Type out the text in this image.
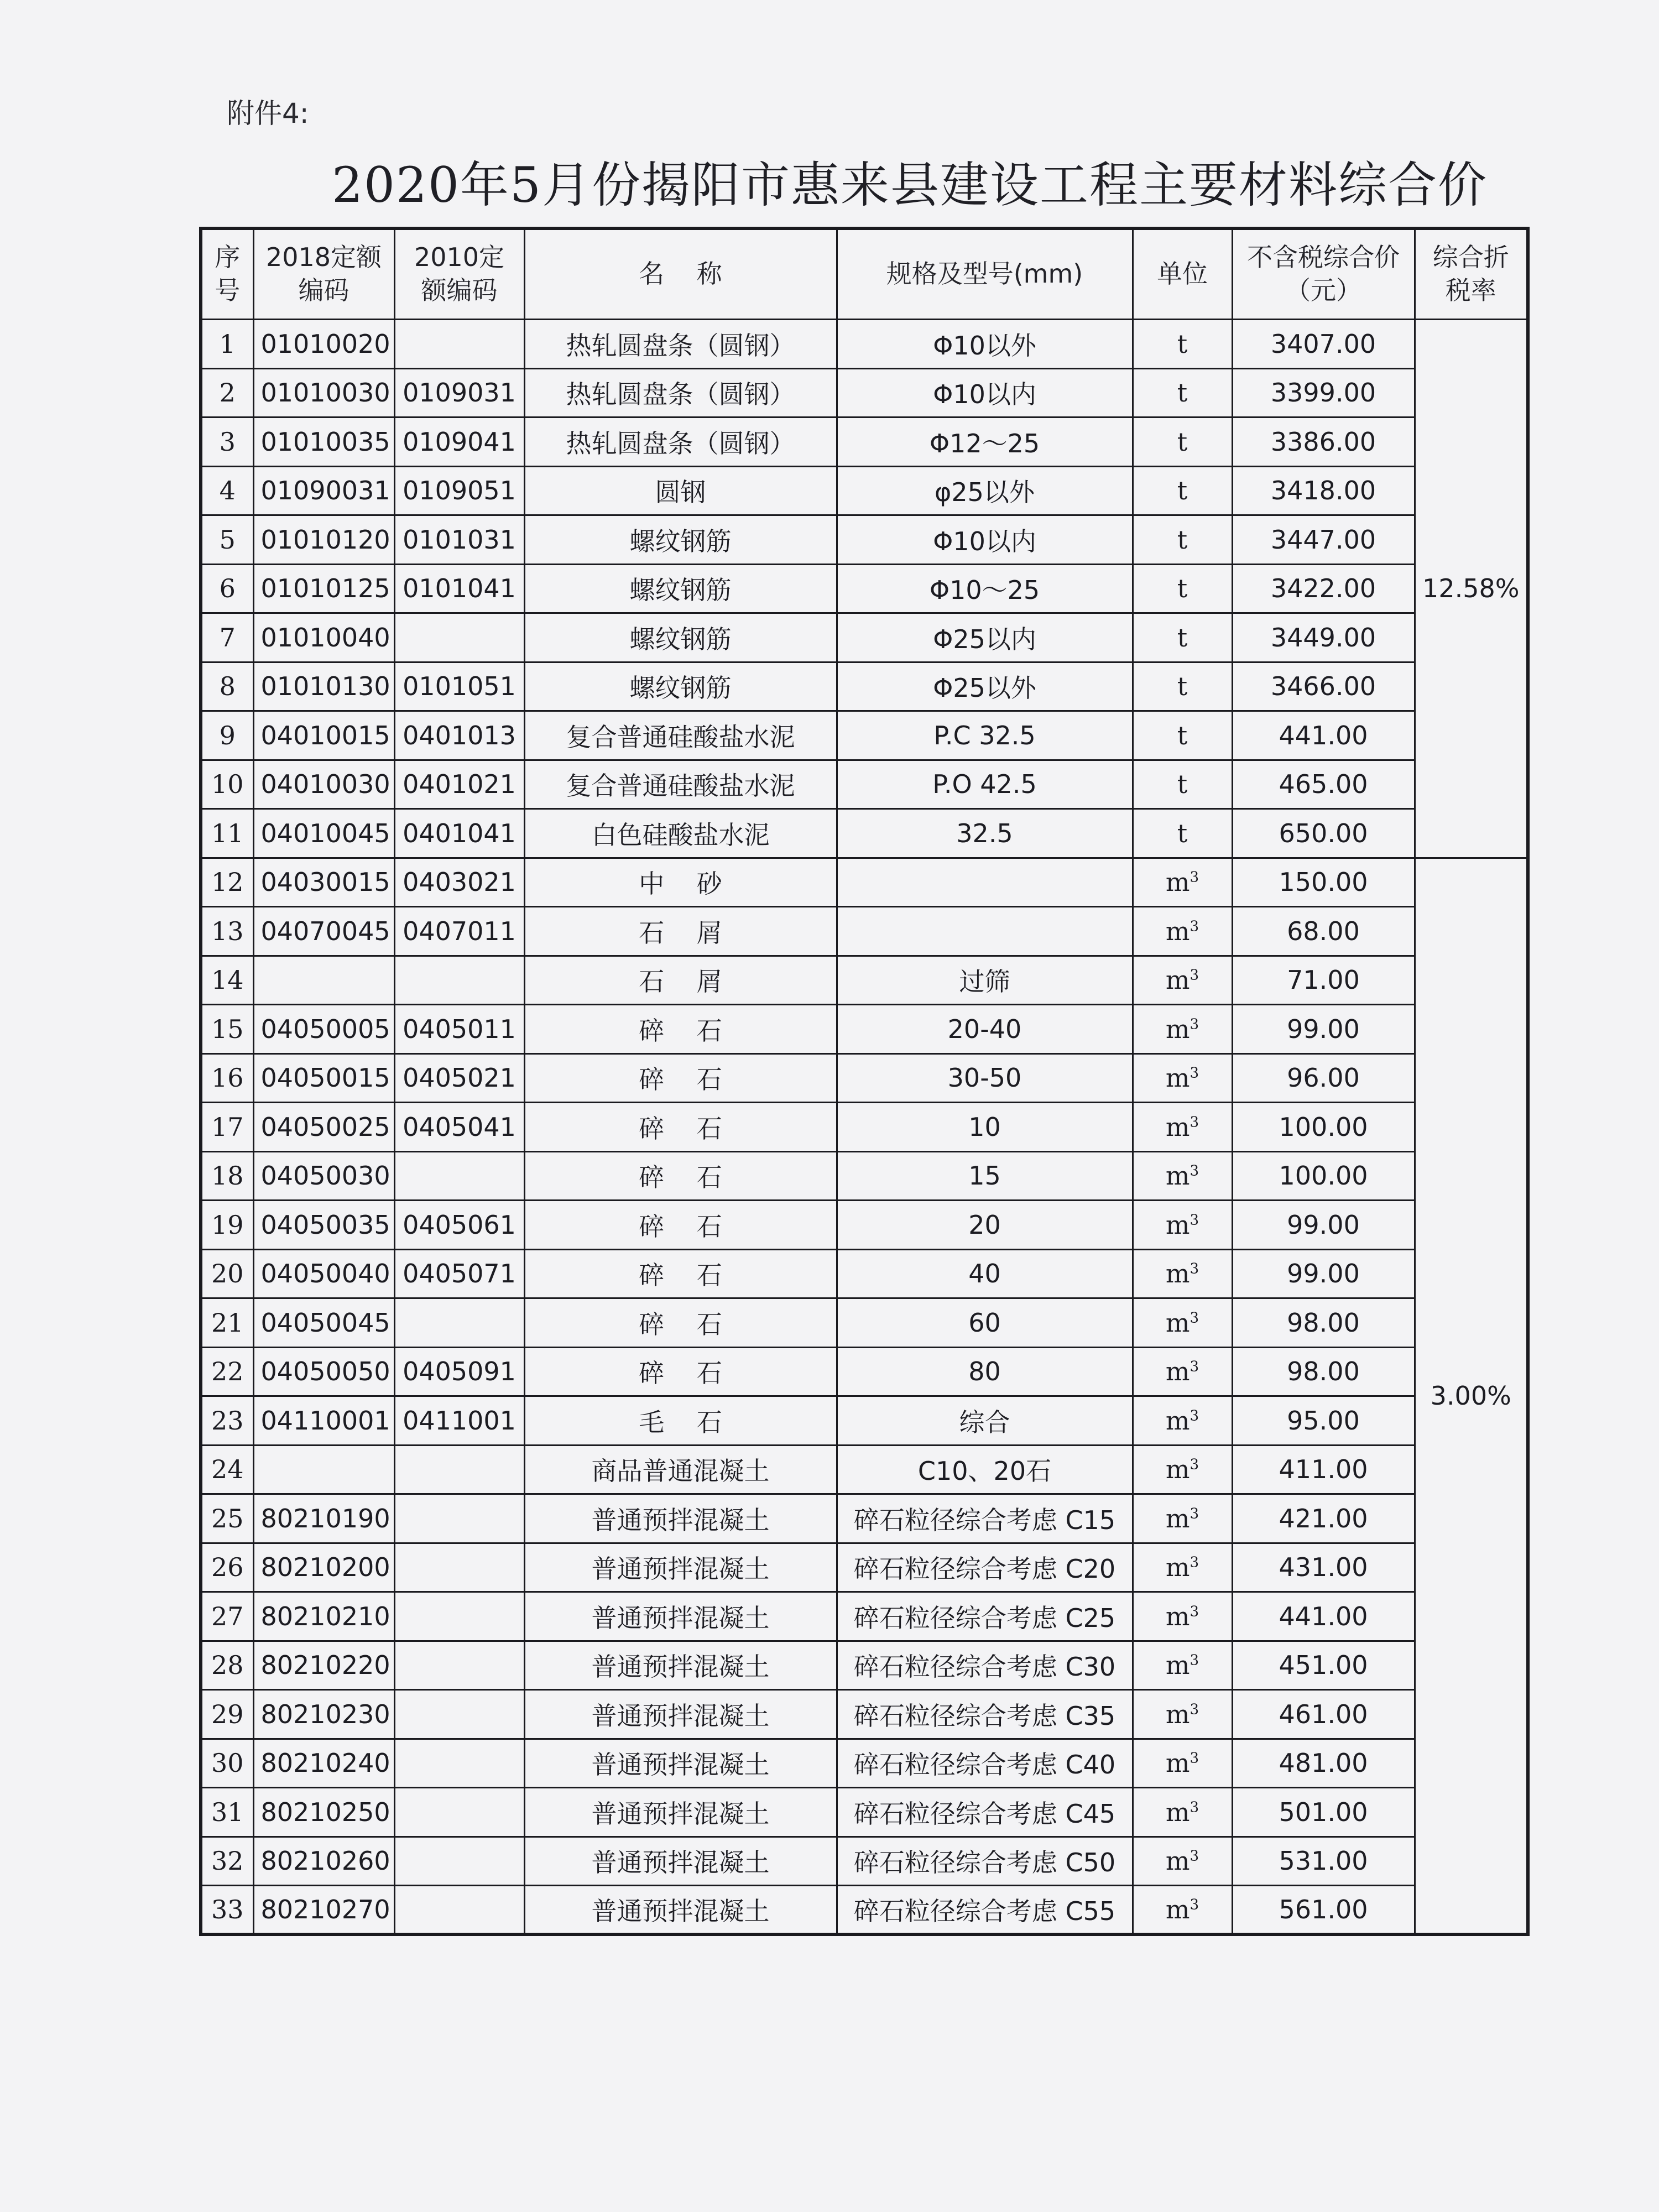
附件4:
2020年5月份揭阳市惠来县建设工程主要材料综合价
序号	2018定额编码	2010定额编码	名    称	规格及型号(mm)	单位	不含税综合价（元）	综合折税率
1	01010020		热轧圆盘条（圆钢）	Φ10以外	t	3407.00	12.58%
2	01010030	0109031	热轧圆盘条（圆钢）	Φ10以内	t	3399.00	
3	01010035	0109041	热轧圆盘条（圆钢）	Φ12～25	t	3386.00	
4	01090031	0109051	圆钢	φ25以外	t	3418.00	
5	01010120	0101031	螺纹钢筋	Φ10以内	t	3447.00	
6	01010125	0101041	螺纹钢筋	Φ10～25	t	3422.00	
7	01010040		螺纹钢筋	Φ25以内	t	3449.00	
8	01010130	0101051	螺纹钢筋	Φ25以外	t	3466.00	
9	04010015	0401013	复合普通硅酸盐水泥	P.C 32.5	t	441.00	
10	04010030	0401021	复合普通硅酸盐水泥	P.O 42.5	t	465.00	
11	04010045	0401041	白色硅酸盐水泥	32.5	t	650.00	
12	04030015	0403021	中    砂		$m^3$	150.00	3.00%
13	04070045	0407011	石    屑		$m^3$	68.00	
14			石    屑	过筛	$m^3$	71.00	
15	04050005	0405011	碎    石	20-40	$m^3$	99.00	
16	04050015	0405021	碎    石	30-50	$m^3$	96.00	
17	04050025	0405041	碎    石	10	$m^3$	100.00	
18	04050030		碎    石	15	$m^3$	100.00	
19	04050035	0405061	碎    石	20	$m^3$	99.00	
20	04050040	0405071	碎    石	40	$m^3$	99.00	
21	04050045		碎    石	60	$m^3$	98.00	
22	04050050	0405091	碎    石	80	$m^3$	98.00	
23	04110001	0411001	毛    石	综合	$m^3$	95.00	
24			商品普通混凝土	C10、20石	$m^3$	411.00	
25	80210190		普通预拌混凝土	碎石粒径综合考虑 C15	$m^3$	421.00	
26	80210200		普通预拌混凝土	碎石粒径综合考虑 C20	$m^3$	431.00	
27	80210210		普通预拌混凝土	碎石粒径综合考虑 C25	$m^3$	441.00	
28	80210220		普通预拌混凝土	碎石粒径综合考虑 C30	$m^3$	451.00	
29	80210230		普通预拌混凝土	碎石粒径综合考虑 C35	$m^3$	461.00	
30	80210240		普通预拌混凝土	碎石粒径综合考虑 C40	$m^3$	481.00	
31	80210250		普通预拌混凝土	碎石粒径综合考虑 C45	$m^3$	501.00	
32	80210260		普通预拌混凝土	碎石粒径综合考虑 C50	$m^3$	531.00	
33	80210270		普通预拌混凝土	碎石粒径综合考虑 C55	$m^3$	561.00	
